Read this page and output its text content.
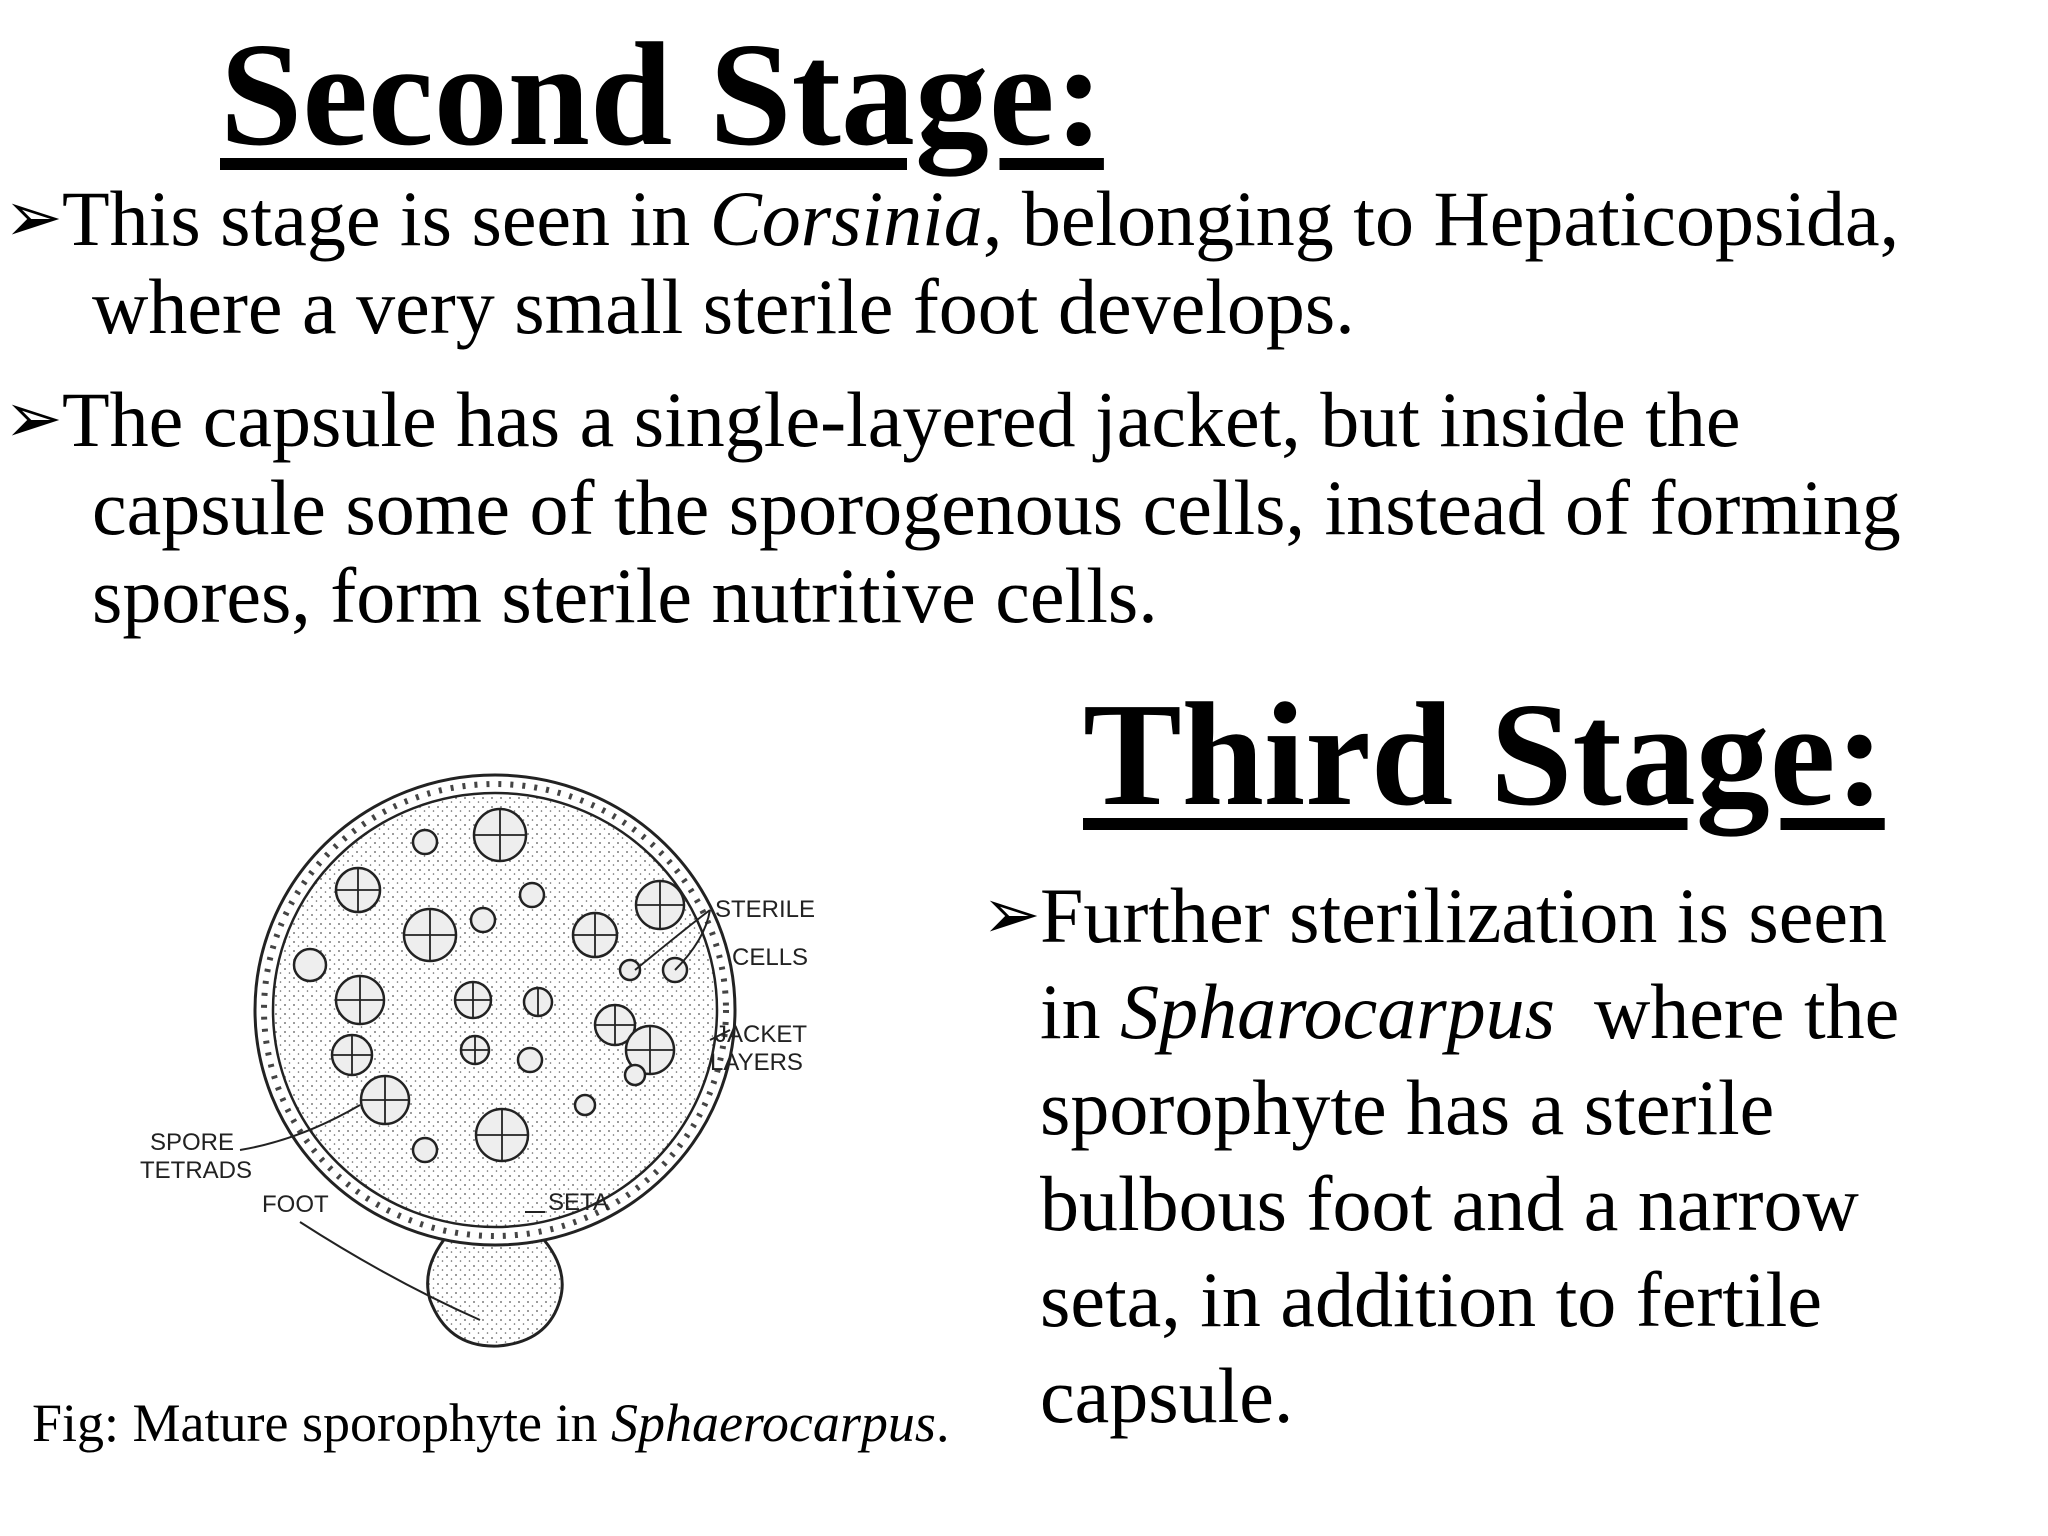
Second Stage:
➢ This stage is seen in Corsinia, belonging to Hepaticopsida,
where a very small sterile foot develops.
➢ The capsule has a single-layered jacket, but inside the
capsule some of the sporogenous cells, instead of forming
spores, form sterile nutritive cells.
Third Stage:
➢ Further sterilization is seen
in Spharocarpus  where the
sporophyte has a sterile
bulbous foot and a narrow
seta, in addition to fertile
capsule.
STERILE
CELLS
JACKET
LAYERS
SPORE
TETRADS
FOOT	SETA
Fig: Mature sporophyte in Sphaerocarpus.
